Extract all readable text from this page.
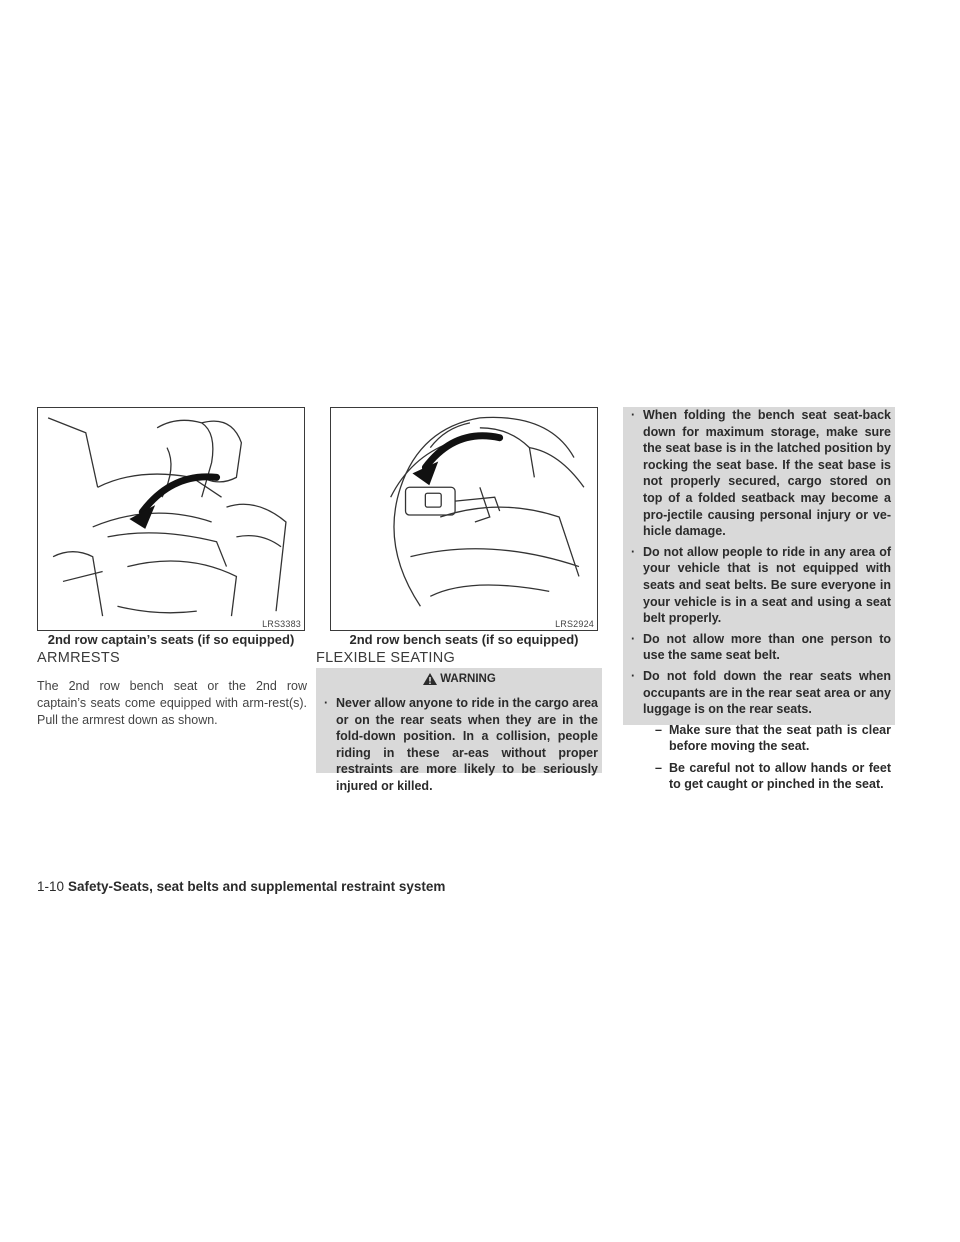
LRS3383
2nd row captain’s seats (if so equipped)
LRS2924
2nd row bench seats (if so equipped)
ARMRESTS
The 2nd row bench seat or the 2nd row captain’s seats come equipped with arm-rest(s). Pull the armrest down as shown.
FLEXIBLE SEATING
WARNING
· Never allow anyone to ride in the cargo area or on the rear seats when they are in the fold-down position. In a collision, people riding in these ar-eas without proper restraints are more likely to be seriously injured or killed.
· When folding the bench seat seat-back down for maximum storage, make sure the seat base is in the latched position by rocking the seat base. If the seat base is not properly secured, cargo stored on top of a folded seatback may become a pro-jectile causing personal injury or ve-hicle damage.
· Do not allow people to ride in any area of your vehicle that is not equipped with seats and seat belts. Be sure everyone in your vehicle is in a seat and using a seat belt properly.
· Do not allow more than one person to use the same seat belt.
· Do not fold down the rear seats when occupants are in the rear seat area or any luggage is on the rear seats.
– Make sure that the seat path is clear before moving the seat.
– Be careful not to allow hands or feet to get caught or pinched in the seat.
1-10 Safety-Seats, seat belts and supplemental restraint system
